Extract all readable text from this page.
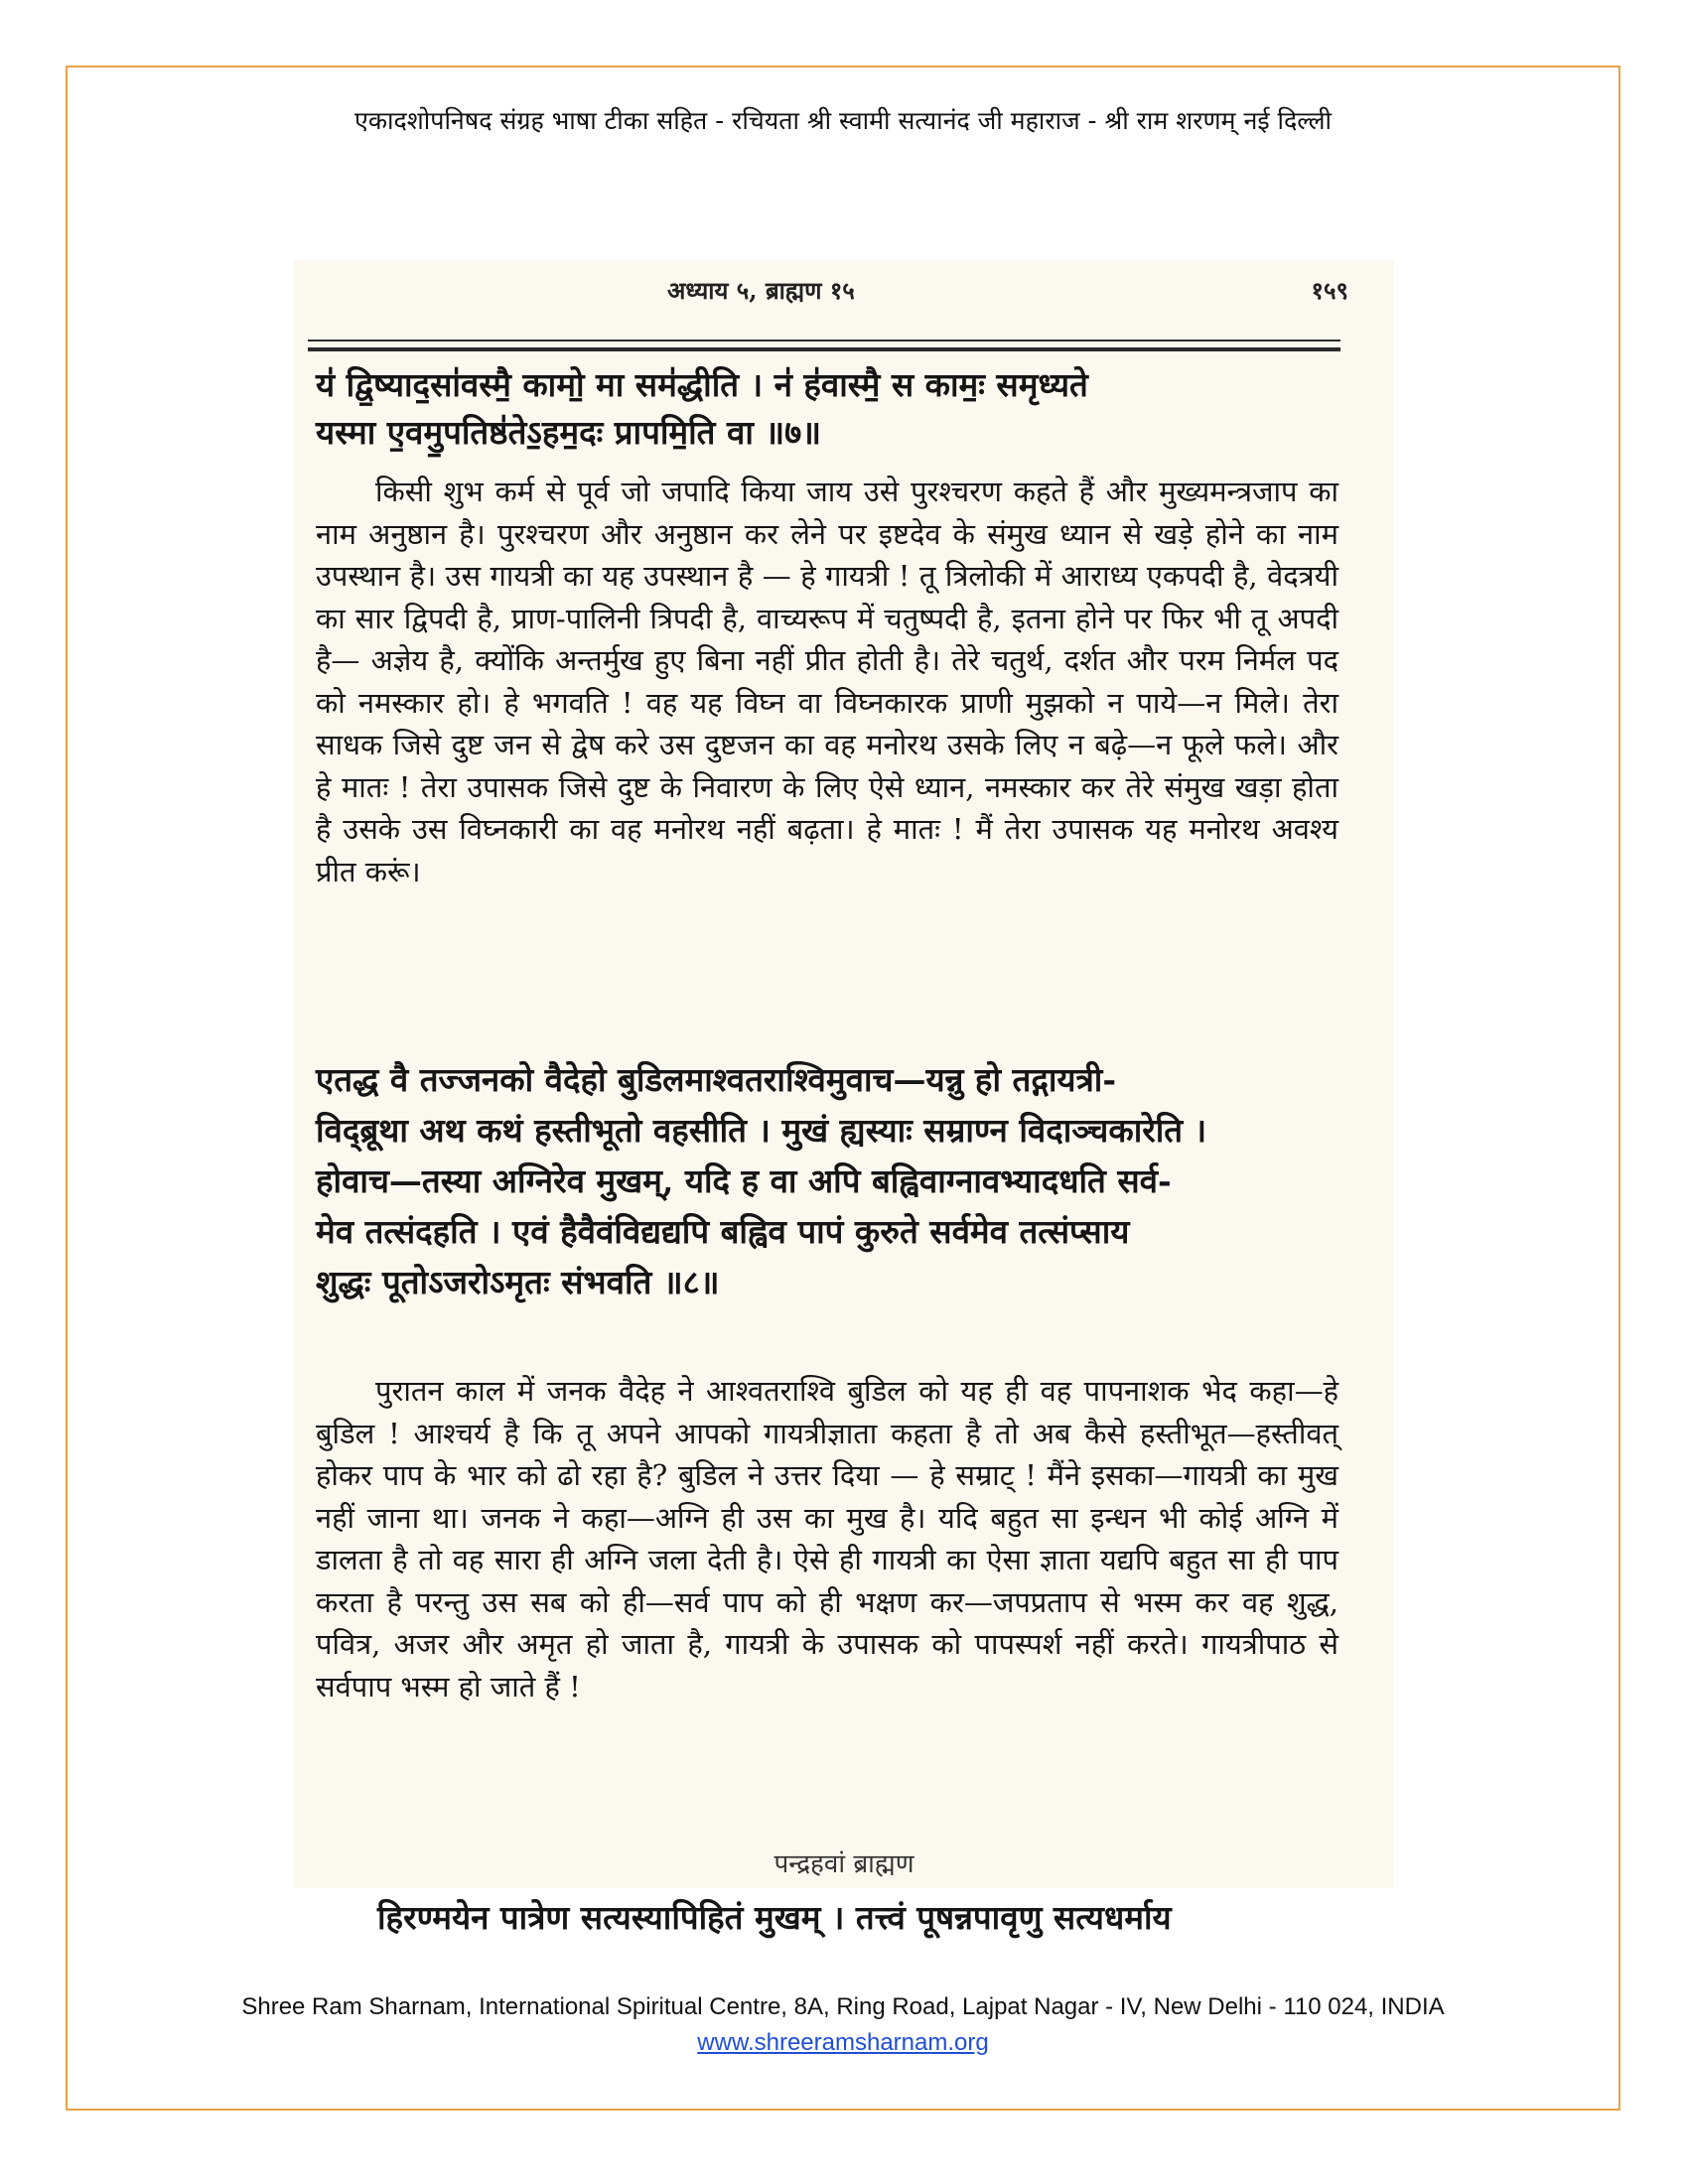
एकादशोपनिषद संग्रह भाषा टीका सहित - रचियता श्री स्वामी सत्यानंद जी महाराज - श्री राम शरणम् नई दिल्ली
अध्याय ५, ब्राह्मण १५	१५९

य॑ द्वि॒ष्याद॒सा॑वस्मै॒ कामो॒ मा सम॑द्धीति । न॑ ह॑वास्मै॒ स कामः॒ समृध्यते

यस्मा ए॒वमु॒पतिष्ठ॑तेऽ॒हम॒दः प्रापमि॒ति वा ॥७॥

किसी शुभ कर्म से पूर्व जो जपादि किया जाय उसे पुरश्चरण कहते हैं और मुख्यमन्त्रजाप का नाम अनुष्ठान है। पुरश्चरण और अनुष्ठान कर लेने पर इष्टदेव के संमुख ध्यान से खड़े होने का नाम उपस्थान है। उस गायत्री का यह उपस्थान है — हे गायत्री ! तू त्रिलोकी में आराध्य एकपदी है, वेदत्रयी का सार द्विपदी है, प्राण-पालिनी त्रिपदी है, वाच्यरूप में चतुष्पदी है, इतना होने पर फिर भी तू अपदी है— अज्ञेय है, क्योंकि अन्तर्मुख हुए बिना नहीं प्रीत होती है। तेरे चतुर्थ, दर्शत और परम निर्मल पद को नमस्कार हो। हे भगवति ! वह यह विघ्न वा विघ्नकारक प्राणी मुझको न पाये—न मिले। तेरा साधक जिसे दुष्ट जन से द्वेष करे उस दुष्टजन का वह मनोरथ उसके लिए न बढ़े—न फूले फले। और हे मातः ! तेरा उपासक जिसे दुष्ट के निवारण के लिए ऐसे ध्यान, नमस्कार कर तेरे संमुख खड़ा होता है उसके उस विघ्नकारी का वह मनोरथ नहीं बढ़ता। हे मातः ! मैं तेरा उपासक यह मनोरथ अवश्य प्रीत करूं।

एतद्ध वै तज्जनको वैदेहो बुडिलमाश्वतराश्विमुवाच—यन्नु हो तद्गायत्री-

विद्ब्रूथा अथ कथं हस्तीभूतो वहसीति । मुखं ह्यस्याः सम्राण्न विदाञ्चकारेति ।

होवाच—तस्या अग्निरेव मुखम्, यदि ह वा अपि बह्विवाग्नावभ्यादधति सर्व-

मेव तत्संदहति । एवं हैवैवंविद्यद्यपि बह्विव पापं कुरुते सर्वमेव तत्संप्साय

शुद्धः पूतोऽजरोऽमृतः संभवति ॥८॥

पुरातन काल में जनक वैदेह ने आश्वतराश्वि बुडिल को यह ही वह पापनाशक भेद कहा—हे बुडिल ! आश्चर्य है कि तू अपने आपको गायत्रीज्ञाता कहता है तो अब कैसे हस्तीभूत—हस्तीवत् होकर पाप के भार को ढो रहा है? बुडिल ने उत्तर दिया — हे सम्राट् ! मैंने इसका—गायत्री का मुख नहीं जाना था। जनक ने कहा—अग्नि ही उस का मुख है। यदि बहुत सा इन्धन भी कोई अग्नि में डालता है तो वह सारा ही अग्नि जला देती है। ऐसे ही गायत्री का ऐसा ज्ञाता यद्यपि बहुत सा ही पाप करता है परन्तु उस सब को ही—सर्व पाप को ही भक्षण कर—जपप्रताप से भस्म कर वह शुद्ध, पवित्र, अजर और अमृत हो जाता है, गायत्री के उपासक को पापस्पर्श नहीं करते। गायत्रीपाठ से सर्वपाप भस्म हो जाते हैं !

पन्द्रहवां ब्राह्मण

हिरण्मयेन पात्रेण सत्यस्यापिहितं मुखम् । तत्त्वं पूषन्नपावृणु सत्यधर्माय

Shree Ram Sharnam, International Spiritual Centre, 8A, Ring Road, Lajpat Nagar - IV, New Delhi - 110 024, INDIA
www.shreeramsharnam.org
